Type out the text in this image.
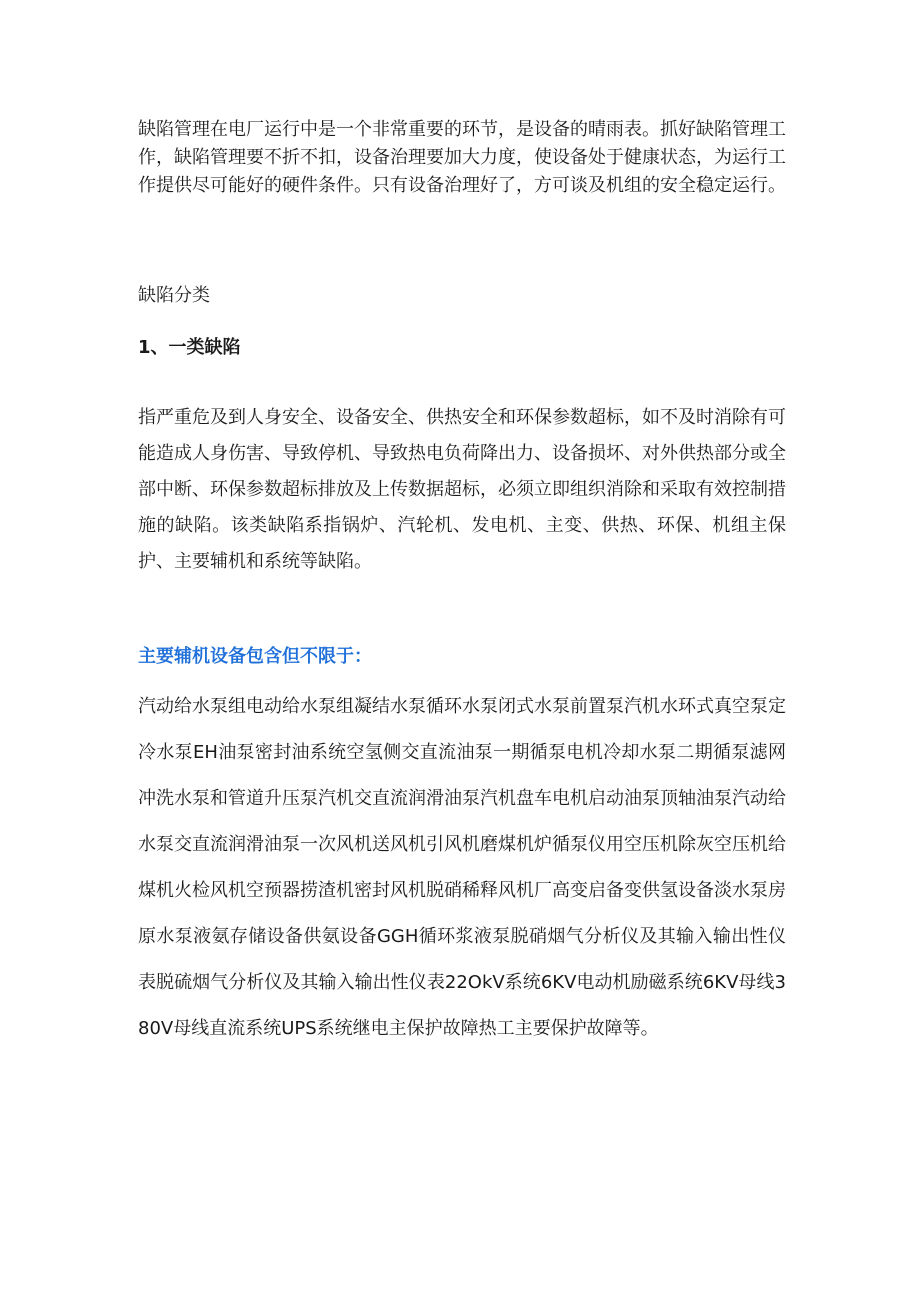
缺陷管理在电厂运行中是一个非常重要的环节，是设备的晴雨表。抓好缺陷管理工作，缺陷管理要不折不扣，设备治理要加大力度，使设备处于健康状态，为运行工作提供尽可能好的硬件条件。只有设备治理好了，方可谈及机组的安全稳定运行。

缺陷分类
1、一类缺陷

指严重危及到人身安全、设备安全、供热安全和环保参数超标，如不及时消除有可能造成人身伤害、导致停机、导致热电负荷降出力、设备损坏、对外供热部分或全部中断、环保参数超标排放及上传数据超标，必须立即组织消除和采取有效控制措施的缺陷。该类缺陷系指锅炉、汽轮机、发电机、主变、供热、环保、机组主保护、主要辅机和系统等缺陷。

主要辅机设备包含但不限于：

汽动给水泵组电动给水泵组凝结水泵循环水泵闭式水泵前置泵汽机水环式真空泵定冷水泵EH油泵密封油系统空氢侧交直流油泵一期循泵电机冷却水泵二期循泵滤网冲洗水泵和管道升压泵汽机交直流润滑油泵汽机盘车电机启动油泵顶轴油泵汽动给水泵交直流润滑油泵一次风机送风机引风机磨煤机炉循泵仪用空压机除灰空压机给煤机火检风机空预器捞渣机密封风机脱硝稀释风机厂高变启备变供氢设备淡水泵房原水泵液氨存储设备供氨设备GGH循环浆液泵脱硝烟气分析仪及其输入输出性仪表脱硫烟气分析仪及其输入输出性仪表22OkV系统6KV电动机励磁系统6KV母线380V母线直流系统UPS系统继电主保护故障热工主要保护故障等。
